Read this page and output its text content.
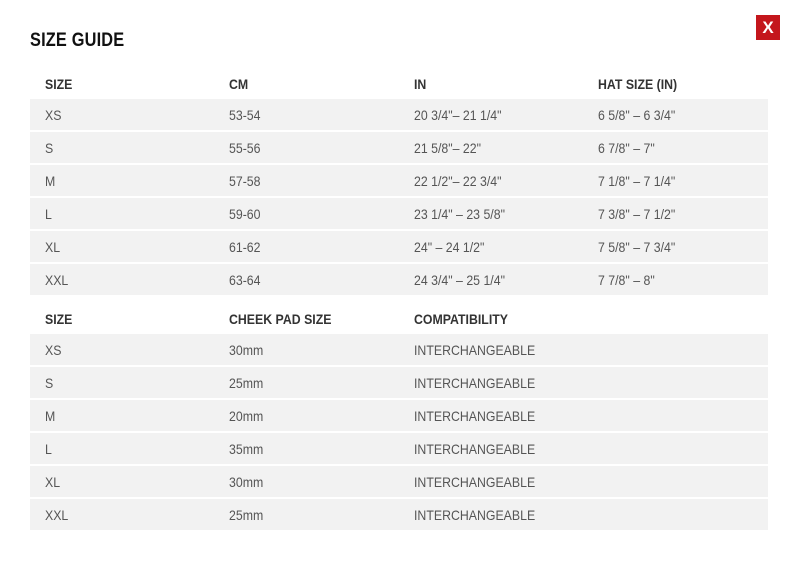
SIZE GUIDE
X
SIZE	CM	IN	HAT SIZE (IN)
XS	53-54	20 3/4"– 21 1/4"	6 5/8" – 6 3/4"
S	55-56	21 5/8"– 22"	6 7/8" – 7"
M	57-58	22 1/2"– 22 3/4"	7 1/8" – 7 1/4"
L	59-60	23 1/4" – 23 5/8"	7 3/8" – 7 1/2"
XL	61-62	24" – 24 1/2"	7 5/8" – 7 3/4"
XXL	63-64	24 3/4" – 25 1/4"	7 7/8" – 8"
SIZE	CHEEK PAD SIZE	COMPATIBILITY	
XS	30mm	INTERCHANGEABLE	
S	25mm	INTERCHANGEABLE	
M	20mm	INTERCHANGEABLE	
L	35mm	INTERCHANGEABLE	
XL	30mm	INTERCHANGEABLE	
XXL	25mm	INTERCHANGEABLE	
